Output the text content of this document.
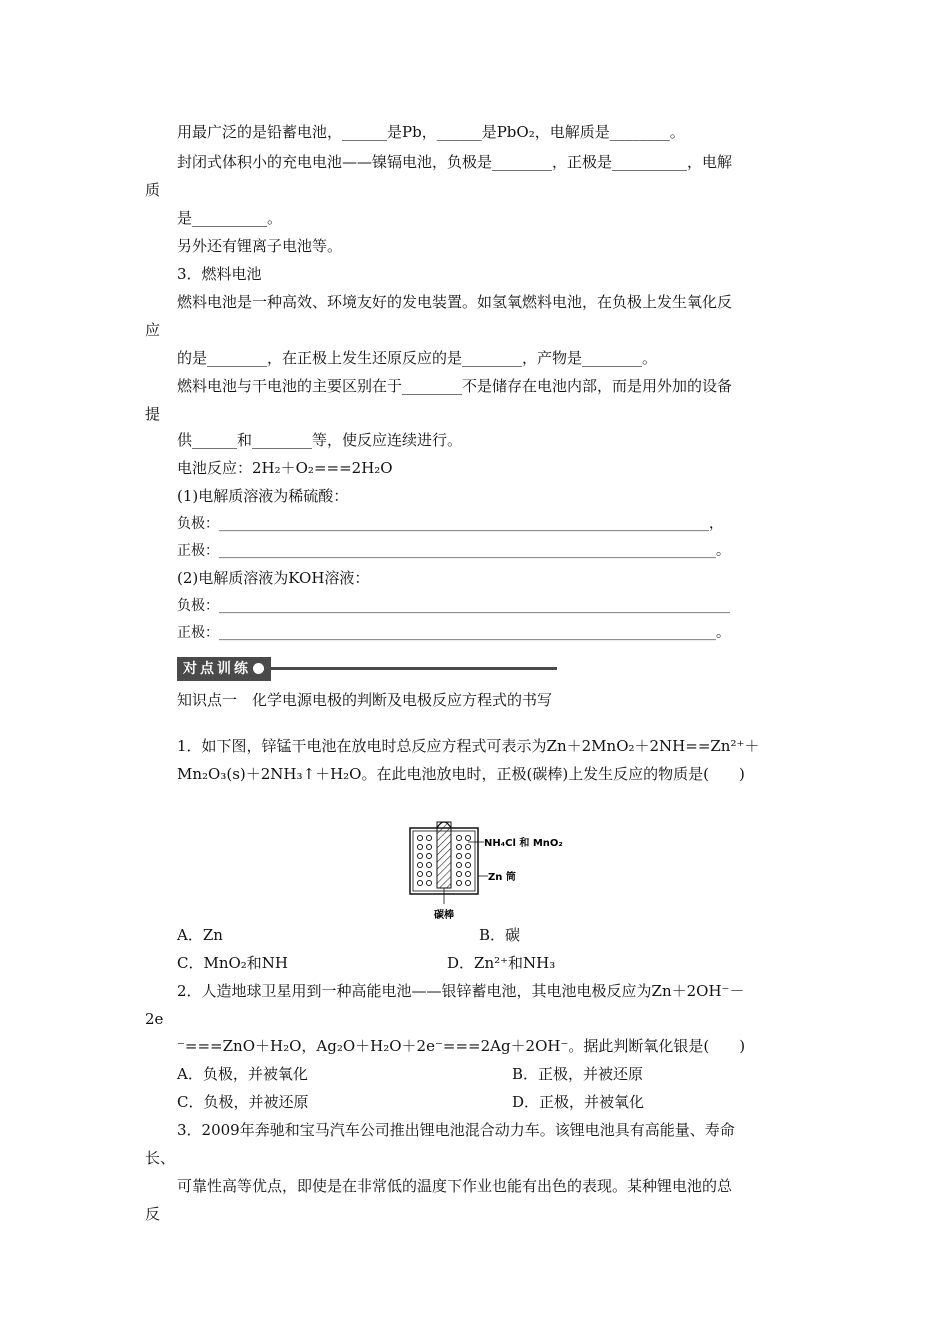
用最广泛的是铅蓄电池，______是Pb，______是PbO₂，电解质是________。
封闭式体积小的充电电池——镍镉电池，负极是________，正极是__________，电解
质
是__________。
另外还有锂离子电池等。
3．燃料电池
燃料电池是一种高效、环境友好的发电装置。如氢氧燃料电池，在负极上发生氧化反
应
的是________，在正极上发生还原反应的是________，产物是________。
燃料电池与干电池的主要区别在于________不是储存在电池内部，而是用外加的设备
提
供______和________等，使反应连续进行。
电池反应：2H₂＋O₂===2H₂O
(1)电解质溶液为稀硫酸：
负极：______________________________________________________________________，
正极：_______________________________________________________________________。
(2)电解质溶液为KOH溶液：
负极：_________________________________________________________________________
正极：_______________________________________________________________________。
对点训练
知识点一　化学电源电极的判断及电极反应方程式的书写
1．如下图，锌锰干电池在放电时总反应方程式可表示为Zn＋2MnO₂＋2NH==Zn²⁺＋
Mn₂O₃(s)＋2NH₃↑＋H₂O。在此电池放电时，正极(碳棒)上发生反应的物质是(　　)
NH₄Cl 和 MnO₂
Zn 筒
碳棒
A．Zn	B．碳
C．MnO₂和NH	D．Zn²⁺和NH₃
2．人造地球卫星用到一种高能电池——银锌蓄电池，其电池电极反应为Zn＋2OH⁻－
2e
⁻===ZnO＋H₂O，Ag₂O＋H₂O＋2e⁻===2Ag＋2OH⁻。据此判断氧化银是(　　)
A．负极，并被氧化	B．正极，并被还原
C．负极，并被还原	D．正极，并被氧化
3．2009年奔驰和宝马汽车公司推出锂电池混合动力车。该锂电池具有高能量、寿命
长、
可靠性高等优点，即使是在非常低的温度下作业也能有出色的表现。某种锂电池的总
反
